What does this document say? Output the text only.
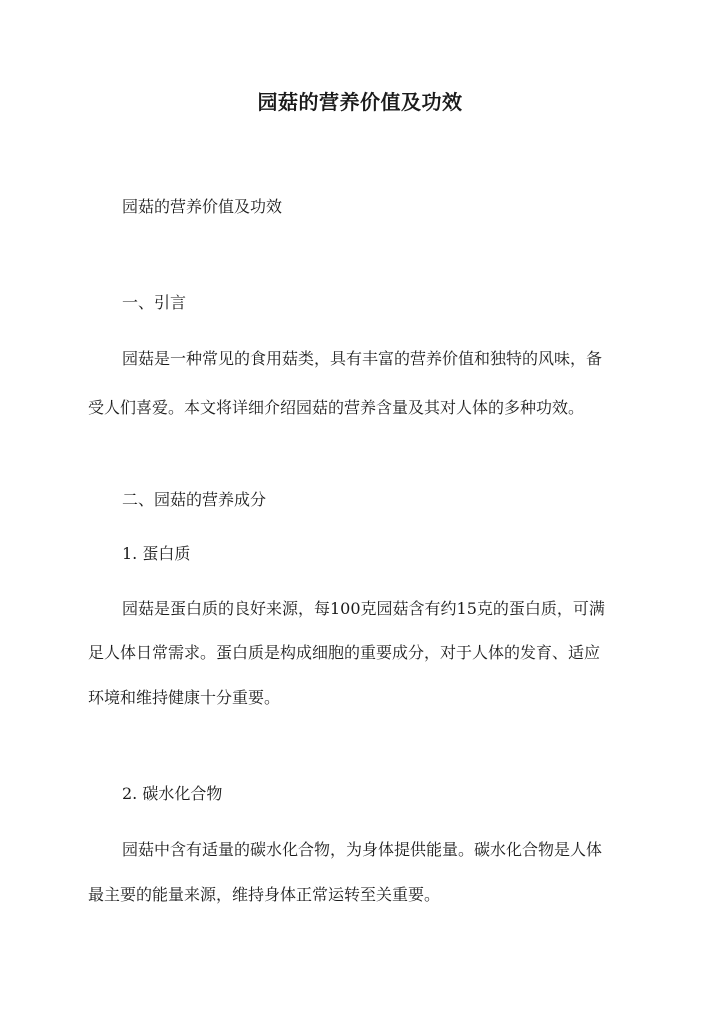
园菇的营养价值及功效
园菇的营养价值及功效
一、引言
园菇是一种常见的食用菇类，具有丰富的营养价值和独特的风味，备
受人们喜爱。本文将详细介绍园菇的营养含量及其对人体的多种功效。
二、园菇的营养成分
1. 蛋白质
园菇是蛋白质的良好来源，每100克园菇含有约15克的蛋白质，可满
足人体日常需求。蛋白质是构成细胞的重要成分，对于人体的发育、适应
环境和维持健康十分重要。
2. 碳水化合物
园菇中含有适量的碳水化合物，为身体提供能量。碳水化合物是人体
最主要的能量来源，维持身体正常运转至关重要。
